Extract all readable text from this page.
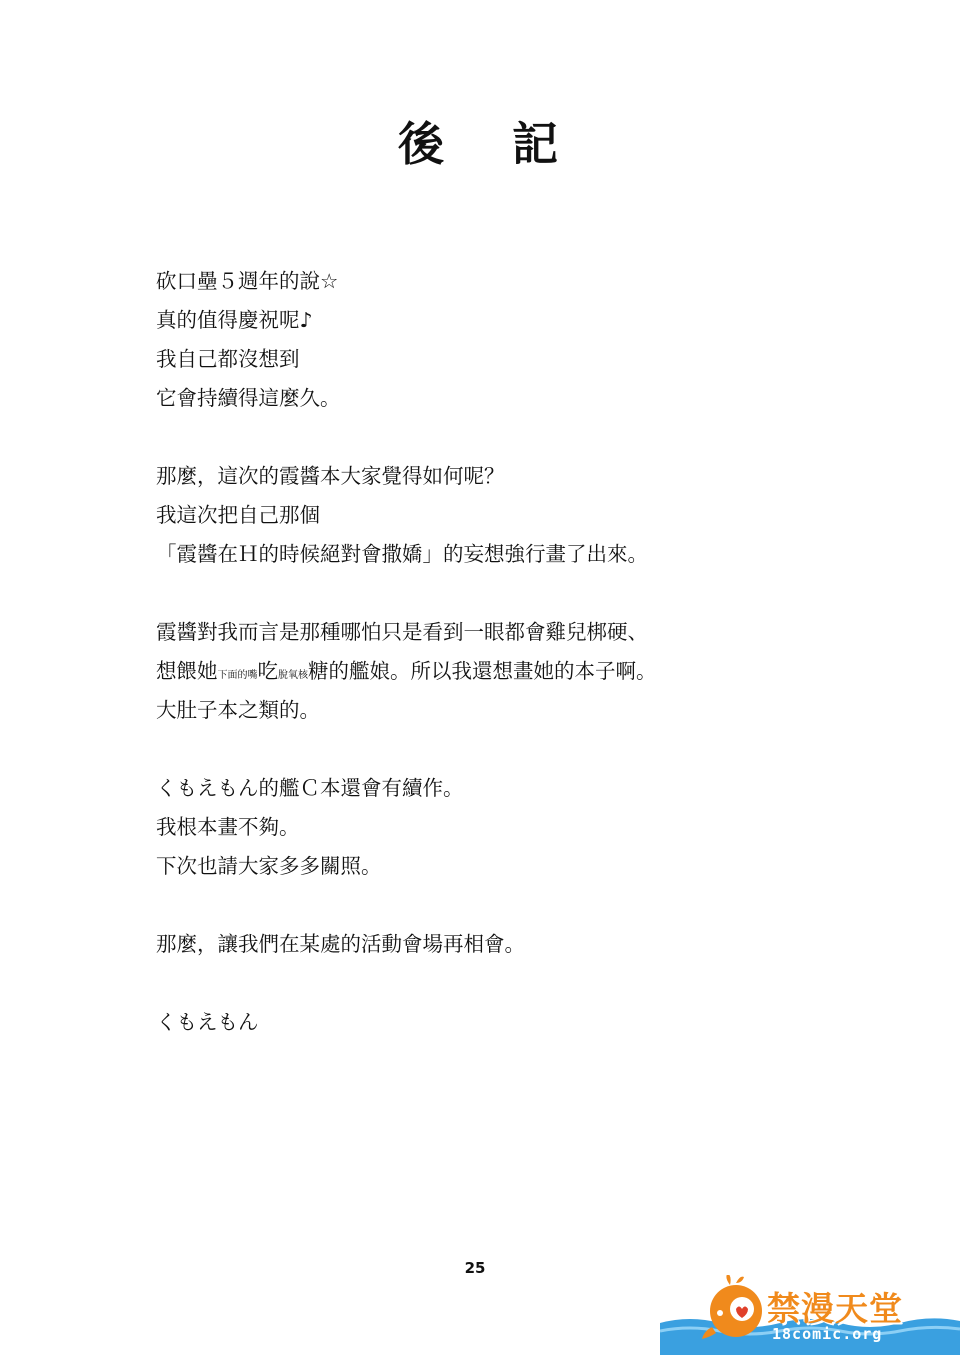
後 記
砍口壘５週年的說☆
真的值得慶祝呢♪
我自己都沒想到
它會持續得這麼久。
那麼，這次的霞醬本大家覺得如何呢？
我這次把自己那個
「霞醬在Ｈ的時候絕對會撒嬌」的妄想強行畫了出來。
霞醬對我而言是那種哪怕只是看到一眼都會雞兒梆硬、
想餵她下面的嘴吃脫氧核糖的艦娘。所以我還想畫她的本子啊。
大肚子本之類的。
くもえもん的艦Ｃ本還會有續作。
我根本畫不夠。
下次也請大家多多關照。
那麼，讓我們在某處的活動會場再相會。
くもえもん
25
禁漫天堂
18comic.org
